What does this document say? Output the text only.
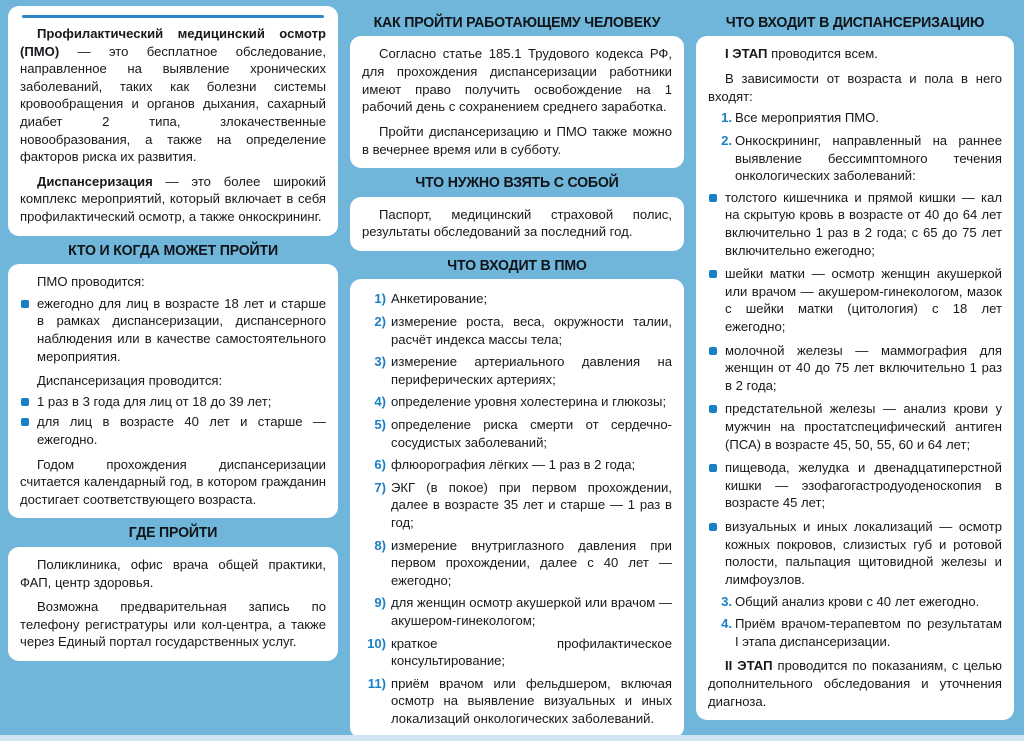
Профилактический медицинский осмотр (ПМО) — это бесплатное обследование, направленное на выявление хронических заболеваний, таких как болезни системы кровообращения и органов дыхания, сахарный диабет 2 типа, злокачественные новообразования, а также на определение факторов риска их развития.

Диспансеризация — это более широкий комплекс мероприятий, который включает в себя профилактический осмотр, а также онкоскрининг.

КТО И КОГДА МОЖЕТ ПРОЙТИ

ПМО проводится:

ежегодно для лиц в возрасте 18 лет и старше в рамках диспансеризации, диспансерного наблюдения или в качестве самостоятельного мероприятия.

Диспансеризация проводится:

1 раз в 3 года для лиц от 18 до 39 лет;
для лиц в возрасте 40 лет и старше — ежегодно.

Годом прохождения диспансеризации считается календарный год, в котором гражданин достигает соответствующего возраста.

ГДЕ ПРОЙТИ

Поликлиника, офис врача общей практики, ФАП, центр здоровья.

Возможна предварительная запись по телефону регистратуры или кол-центра, а также через Единый портал государственных услуг.

КАК ПРОЙТИ РАБОТАЮЩЕМУ ЧЕЛОВЕКУ

Согласно статье 185.1 Трудового кодекса РФ, для прохождения диспансеризации работники имеют право получить освобождение на 1 рабочий день с сохранением среднего заработка.

Пройти диспансеризацию и ПМО также можно в вечернее время или в субботу.

ЧТО НУЖНО ВЗЯТЬ С СОБОЙ

Паспорт, медицинский страховой полис, результаты обследований за последний год.

ЧТО ВХОДИТ В ПМО
1) Анкетирование;
2) измерение роста, веса, окружности талии, расчёт индекса массы тела;
3) измерение артериального давления на периферических артериях;
4) определение уровня холестерина и глюкозы;
5) определение риска смерти от сердечно-сосудистых заболеваний;
6) флюорография лёгких — 1 раз в 2 года;
7) ЭКГ (в покое) при первом прохождении, далее в возрасте 35 лет и старше — 1 раз в год;
8) измерение внутриглазного давления при первом прохождении, далее с 40 лет — ежегодно;
9) для женщин осмотр акушеркой или врачом — акушером-гинекологом;
10) краткое профилактическое консультирование;
11) приём врачом или фельдшером, включая осмотр на выявление визуальных и иных локализаций онкологических заболеваний.
ЧТО ВХОДИТ В ДИСПАНСЕРИЗАЦИЮ

I ЭТАП проводится всем.

В зависимости от возраста и пола в него входят:

1. Все мероприятия ПМО.
2. Онкоскрининг, направленный на раннее выявление бессимптомного течения онкологических заболеваний:
толстого кишечника и прямой кишки — кал на скрытую кровь в возрасте от 40 до 64 лет включительно 1 раз в 2 года; с 65 до 75 лет включительно ежегодно;
шейки матки — осмотр женщин акушеркой или врачом — акушером-гинекологом, мазок с шейки матки (цитология) с 18 лет ежегодно;
молочной железы — маммография для женщин от 40 до 75 лет включительно 1 раз в 2 года;
предстательной железы — анализ крови у мужчин на простатспецифический антиген (ПСА) в возрасте 45, 50, 55, 60 и 64 лет;
пищевода, желудка и двенадцатиперстной кишки — эзофагогастродуоденоскопия в возрасте 45 лет;
визуальных и иных локализаций — осмотр кожных покровов, слизистых губ и ротовой полости, пальпация щитовидной железы и лимфоузлов.
3. Общий анализ крови с 40 лет ежегодно.
4. Приём врачом-терапевтом по результатам I этапа диспансеризации.

II ЭТАП проводится по показаниям, с целью дополнительного обследования и уточнения диагноза.
